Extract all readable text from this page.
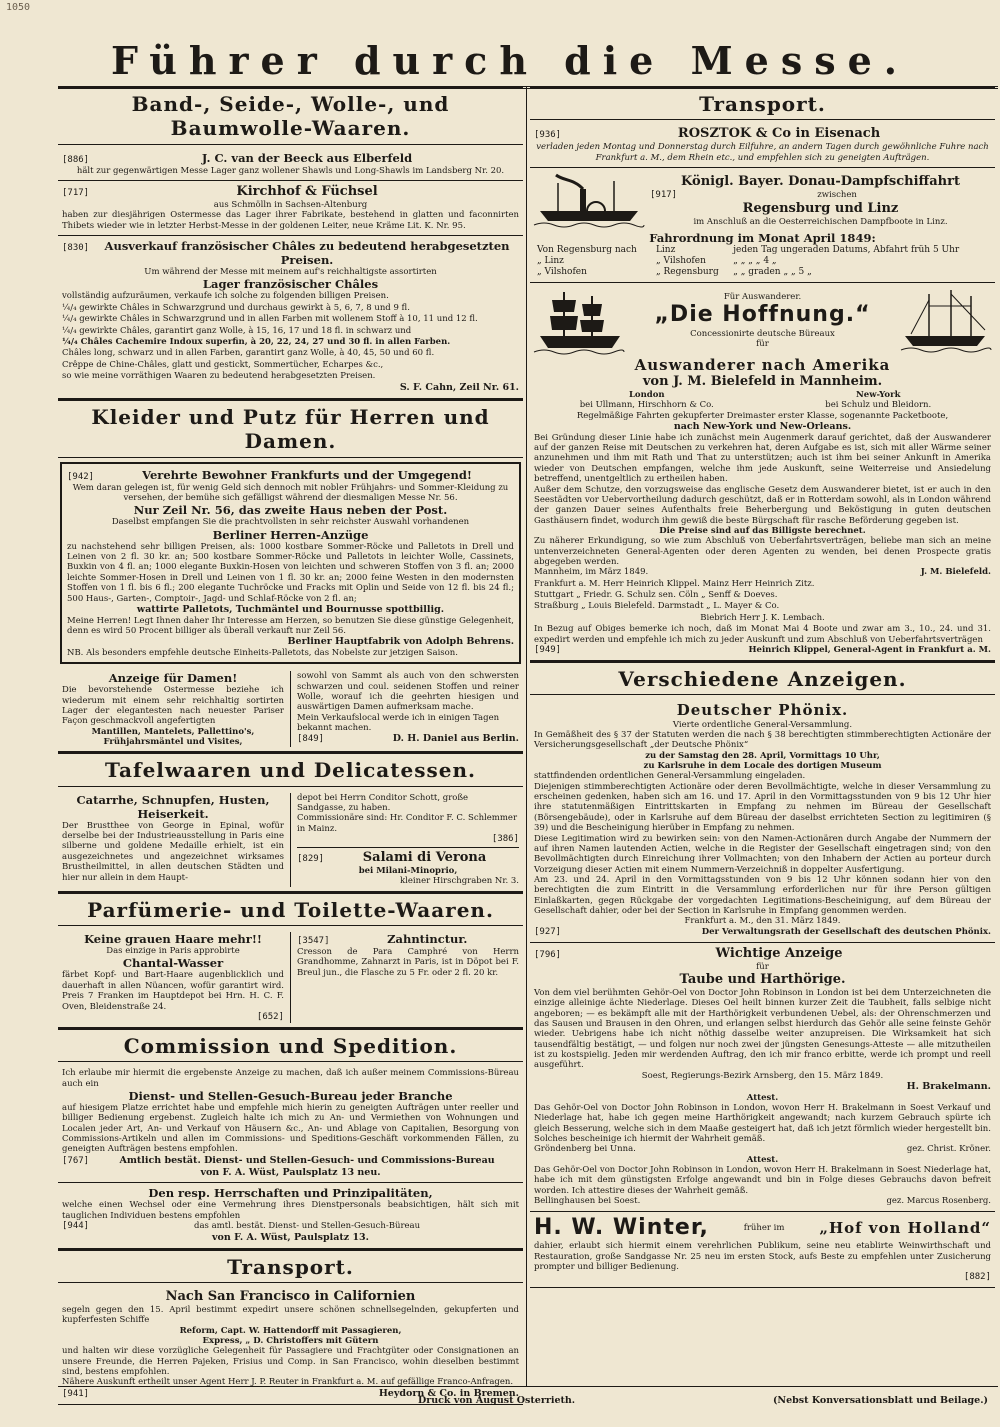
1050
Führer durch die Messe.
Band-, Seide-, Wolle-, und Baumwolle-Waaren.
[886]	J. C. van der Beeck aus Elberfeld
hält zur gegenwärtigen Messe Lager ganz wollener Shawls und Long-Shawls im Landsberg Nr. 20.
[717]	Kirchhof & Füchsel
aus Schmölln in Sachsen-Altenburg
haben zur diesjährigen Ostermesse das Lager ihrer Fabrikate, bestehend in glatten und faconnirten Thibets wieder wie in letzter Herbst-Messe in der goldenen Leiter, neue Kräme Lit. K. Nr. 95.
[830]	Ausverkauf französischer Châles zu bedeutend herabgesetzten Preisen.
Um während der Messe mit meinem auf's reichhaltigste assortirten
Lager französischer Châles
vollständig aufzuräumen, verkaufe ich solche zu folgenden billigen Preisen.
¼/₄ gewirkte Châles in Schwarzgrund und durchaus gewirkt à 5, 6, 7, 8 und 9 fl.
¼/₄ gewirkte Châles in Schwarzgrund und in allen Farben mit wollenem Stoff à 10, 11 und 12 fl.
¼/₄ gewirkte Châles, garantirt ganz Wolle, à 15, 16, 17 und 18 fl. in schwarz und
¼/₄ Châles Cachemire Indoux superfin, à 20, 22, 24, 27 und 30 fl. in allen Farben.
Châles long, schwarz und in allen Farben, garantirt ganz Wolle, à 40, 45, 50 und 60 fl.
Crêppe de Chine-Châles, glatt und gestickt, Sommertücher, Echarpes &c.,
so wie meine vorräthigen Waaren zu bedeutend herabgesetzten Preisen.
S. F. Cahn, Zeil Nr. 61.
Kleider und Putz für Herren und Damen.
[942]	Verehrte Bewohner Frankfurts und der Umgegend!
Wem daran gelegen ist, für wenig Geld sich dennoch mit nobler Frühjahrs- und Sommer-Kleidung zu versehen, der bemühe sich gefälligst während der diesmaligen Messe Nr. 56.
Nur Zeil Nr. 56, das zweite Haus neben der Post.
Daselbst empfangen Sie die prachtvollsten in sehr reichster Auswahl vorhandenen
Berliner Herren-Anzüge
zu nachstehend sehr billigen Preisen, als: 1000 kostbare Sommer-Röcke und Palletots in Drell und Leinen von 2 fl. 30 kr. an; 500 kostbare Sommer-Röcke und Palletots in leichter Wolle, Cassinets, Buxkin von 4 fl. an; 1000 elegante Buxkin-Hosen von leichten und schweren Stoffen von 3 fl. an; 2000 leichte Sommer-Hosen in Drell und Leinen von 1 fl. 30 kr. an; 2000 feine Westen in den modernsten Stoffen von 1 fl. bis 6 fl.; 200 elegante Tuchröcke und Fracks mit Oplin und Seide von 12 fl. bis 24 fl.; 500 Haus-, Garten-, Comptoir-, Jagd- und Schlaf-Röcke von 2 fl. an;
wattirte Palletots, Tuchmäntel und Bournusse spottbillig.
Meine Herren! Legt Ihnen daher Ihr Interesse am Herzen, so benutzen Sie diese günstige Gelegenheit, denn es wird 50 Procent billiger als überall verkauft nur Zeil 56.
Berliner Hauptfabrik von Adolph Behrens.
NB. Als besonders empfehle deutsche Einheits-Palletots, das Nobelste zur jetzigen Saison.
Anzeige für Damen!
Die bevorstehende Ostermesse beziehe ich wiederum mit einem sehr reichhaltig sortirten Lager der elegantesten nach neuester Pariser Façon geschmackvoll angefertigten
Mantillen, Mantelets, Pallettino's, Frühjahrsmäntel und Visites,
sowohl von Sammt als auch von den schwersten schwarzen und coul. seidenen Stoffen und reiner Wolle, worauf ich die geehrten hiesigen und auswärtigen Damen aufmerksam mache.
Mein Verkaufslocal werde ich in einigen Tagen bekannt machen.
[849]	D. H. Daniel aus Berlin.
Tafelwaaren und Delicatessen.
Catarrhe, Schnupfen, Husten, Heiserkeit.
Der Brustthee von George in Epinal, wofür derselbe bei der Industrieausstellung in Paris eine silberne und goldene Medaille erhielt, ist ein ausgezeichnetes und angezeichnet wirksames Brustheilmittel, in allen deutschen Städten und hier nur allein in dem Haupt-
depot bei Herrn Conditor Schott, große Sandgasse, zu haben.
Commissionäre sind: Hr. Conditor F. C. Schlemmer in Mainz.
[386]
[829]	Salami di Verona
bei Milani-Minoprio,
kleiner Hirschgraben Nr. 3.
Parfümerie- und Toilette-Waaren.
Keine grauen Haare mehr!!
Das einzige in Paris approbirte
Chantal-Wasser
färbet Kopf- und Bart-Haare augenblicklich und dauerhaft in allen Nüancen, wofür garantirt wird. Preis 7 Franken im Hauptdepot bei Hrn. H. C. F. Oven, Bleidenstraße 24.
[652]
[3547]	Zahntinctur.
Cresson de Para Camphré von Herrn Grandhomme, Zahnarzt in Paris, ist in Döpot bei F. Breul jun., die Flasche zu 5 Fr. oder 2 fl. 20 kr.
Commission und Spedition.
Ich erlaube mir hiermit die ergebenste Anzeige zu machen, daß ich außer meinem Commissions-Büreau auch ein
Dienst- und Stellen-Gesuch-Bureau jeder Branche
auf hiesigem Platze errichtet habe und empfehle mich hierin zu geneigten Aufträgen unter reeller und billiger Bedienung ergebenst. Zugleich halte ich mich zu An- und Vermiethen von Wohnungen und Localen jeder Art, An- und Verkauf von Häusern &c., An- und Ablage von Capitalien, Besorgung von Commissions-Artikeln und allen im Commissions- und Speditions-Geschäft vorkommenden Fällen, zu geneigten Aufträgen bestens empfohlen.
[767]	Amtlich bestät. Dienst- und Stellen-Gesuch- und Commissions-Bureau
von F. A. Wüst, Paulsplatz 13 neu.
Den resp. Herrschaften und Prinzipalitäten,
welche einen Wechsel oder eine Vermehrung ihres Dienstpersonals beabsichtigen, hält sich mit tauglichen Individuen bestens empfohlen
[944]	das amtl. bestät. Dienst- und Stellen-Gesuch-Büreau
von F. A. Wüst, Paulsplatz 13.
Transport.
Nach San Francisco in Californien
segeln gegen den 15. April bestimmt expedirt unsere schönen schnellsegelnden, gekupferten und kupferfesten Schiffe
Reform, Capt. W. Hattendorff mit Passagieren,
Express, „ D. Christoffers mit Gütern
und halten wir diese vorzügliche Gelegenheit für Passagiere und Frachtgüter oder Consignationen an unsere Freunde, die Herren Pajeken, Frisius und Comp. in San Francisco, wohin dieselben bestimmt sind, bestens empfohlen.
Nähere Auskunft ertheilt unser Agent Herr J. P. Reuter in Frankfurt a. M. auf gefällige Franco-Anfragen.
[941]	Heydorn & Co. in Bremen.
Transport.
[936]	ROSZTOK & Co in Eisenach
verladen jeden Montag und Donnerstag durch Eilfuhre, an andern Tagen durch gewöhnliche Fuhre nach Frankfurt a. M., dem Rhein etc., und empfehlen sich zu geneigten Aufträgen.
Königl. Bayer. Donau-Dampfschiffahrt
[917]	zwischen
Regensburg und Linz
im Anschluß an die Oesterreichischen Dampfboote in Linz.
Fahrordnung im Monat April 1849:
Von Regensburg nach	Linz	jeden Tag ungeraden Datums, Abfahrt früh 5 Uhr
„ Linz	„ Vilshofen	„ „ „ „ 4 „
„ Vilshofen	„ Regensburg	„ „ graden „ „ 5 „
Für Auswanderer.
„Die Hoffnung.“
Concessionirte deutsche Büreaux
für
Auswanderer nach Amerika
von J. M. Bielefeld in Mannheim.
London
bei Ullmann, Hirschhorn & Co.
New-York
bei Schulz und Bleidorn.
Regelmäßige Fahrten gekupferter Dreimaster erster Klasse, sogenannte Packetboote,
nach New-York und New-Orleans.
Bei Gründung dieser Linie habe ich zunächst mein Augenmerk darauf gerichtet, daß der Auswanderer auf der ganzen Reise mit Deutschen zu verkehren hat, deren Aufgabe es ist, sich mit aller Wärme seiner anzunehmen und ihm mit Rath und That zu unterstützen; auch ist ihm bei seiner Ankunft in Amerika wieder von Deutschen empfangen, welche ihm jede Auskunft, seine Weiterreise und Ansiedelung betreffend, unentgeltlich zu ertheilen haben.
Außer dem Schutze, den vorzugsweise das englische Gesetz dem Auswanderer bietet, ist er auch in den Seestädten vor Uebervortheilung dadurch geschützt, daß er in Rotterdam sowohl, als in London während der ganzen Dauer seines Aufenthalts freie Beherbergung und Beköstigung in guten deutschen Gasthäusern findet, wodurch ihm gewiß die beste Bürgschaft für rasche Beförderung gegeben ist.
Die Preise sind auf das Billigste berechnet.
Zu näherer Erkundigung, so wie zum Abschluß von Ueberfahrtsverträgen, beliebe man sich an meine untenverzeichneten General-Agenten oder deren Agenten zu wenden, bei denen Prospecte gratis abgegeben werden.
Mannheim, im März 1849.	J. M. Bielefeld.
Frankfurt a. M. Herr Heinrich Klippel. Mainz Herr Heinrich Zitz.
Stuttgart „ Friedr. G. Schulz sen. Cöln „ Senff & Doeves.
Straßburg „ Louis Bielefeld. Darmstadt „ L. Mayer & Co.
Biebrich Herr J. K. Lembach.
In Bezug auf Obiges bemerke ich noch, daß im Monat Mai 4 Boote und zwar am 3., 10., 24. und 31. expedirt werden und empfehle ich mich zu jeder Auskunft und zum Abschluß von Ueberfahrtsverträgen
[949]	Heinrich Klippel, General-Agent in Frankfurt a. M.
Verschiedene Anzeigen.
Deutscher Phönix.
Vierte ordentliche General-Versammlung.
In Gemäßheit des § 37 der Statuten werden die nach § 38 berechtigten stimmberechtigten Actionäre der Versicherungsgesellschaft „der Deutsche Phönix“
zu der Samstag den 28. April, Vormittags 10 Uhr,
zu Karlsruhe in dem Locale des dortigen Museum
stattfindenden ordentlichen General-Versammlung eingeladen.
Diejenigen stimmberechtigten Actionäre oder deren Bevollmächtigte, welche in dieser Versammlung zu erscheinen gedenken, haben sich am 16. und 17. April in den Vormittagsstunden von 9 bis 12 Uhr hier ihre statutenmäßigen Eintrittskarten in Empfang zu nehmen im Büreau der Gesellschaft (Börsengebäude), oder in Karlsruhe auf dem Büreau der daselbst errichteten Section zu legitimiren (§ 39) und die Bescheinigung hierüber in Empfang zu nehmen.
Diese Legitimation wird zu bewirken sein: von den Namen-Actionären durch Angabe der Nummern der auf ihren Namen lautenden Actien, welche in die Register der Gesellschaft eingetragen sind; von den Bevollmächtigten durch Einreichung ihrer Vollmachten; von den Inhabern der Actien au porteur durch Vorzeigung dieser Actien mit einem Nummern-Verzeichniß in doppelter Ausfertigung.
Am 23. und 24. April in den Vormittagsstunden von 9 bis 12 Uhr können sodann hier von den berechtigten die zum Eintritt in die Versammlung erforderlichen nur für ihre Person gültigen Einlaßkarten, gegen Rückgabe der vorgedachten Legitimations-Bescheinigung, auf dem Büreau der Gesellschaft dahier, oder bei der Section in Karlsruhe in Empfang genommen werden.
Frankfurt a. M., den 31. März 1849.
[927]	Der Verwaltungsrath der Gesellschaft des deutschen Phönix.
[796]	Wichtige Anzeige
für
Taube und Harthörige.
Von dem viel berühmten Gehör-Oel von Doctor John Robinson in London ist bei dem Unterzeichneten die einzige alleinige ächte Niederlage. Dieses Oel heilt binnen kurzer Zeit die Taubheit, falls selbige nicht angeboren; — es bekämpft alle mit der Harthörigkeit verbundenen Uebel, als: der Ohrenschmerzen und das Sausen und Brausen in den Ohren, und erlangen selbst hierdurch das Gehör alle seine feinste Gehör wieder. Uebrigens habe ich nicht nöthig dasselbe weiter anzupreisen. Die Wirksamkeit hat sich tausendfältig bestätigt, — und folgen nur noch zwei der jüngsten Genesungs-Atteste — alle mitzutheilen ist zu kostspielig. Jeden mir werdenden Auftrag, den ich mir franco erbitte, werde ich prompt und reell ausgeführt.
Soest, Regierungs-Bezirk Arnsberg, den 15. März 1849.
H. Brakelmann.
Attest.
Das Gehör-Oel von Doctor John Robinson in London, wovon Herr H. Brakelmann in Soest Verkauf und Niederlage hat, habe ich gegen meine Harthörigkeit angewandt; nach kurzem Gebrauch spürte ich gleich Besserung, welche sich in dem Maaße gesteigert hat, daß ich jetzt förmlich wieder hergestellt bin. Solches bescheinige ich hiermit der Wahrheit gemäß.
Gröndenberg bei Unna.	gez. Christ. Kröner.
Attest.
Das Gehör-Oel von Doctor John Robinson in London, wovon Herr H. Brakelmann in Soest Niederlage hat, habe ich mit dem günstigsten Erfolge angewandt und bin in Folge dieses Gebrauchs davon befreit worden. Ich attestire dieses der Wahrheit gemäß.
Bellinghausen bei Soest.	gez. Marcus Rosenberg.
H. W. Winter,	früher im „Hof von Holland“
dahier, erlaubt sich hiermit einem verehrlichen Publikum, seine neu etablirte Weinwirthschaft und Restauration, große Sandgasse Nr. 25 neu im ersten Stock, aufs Beste zu empfehlen unter Zusicherung prompter und billiger Bedienung.
[882]
Druck von August Osterrieth.	(Nebst Konversationsblatt und Beilage.)
